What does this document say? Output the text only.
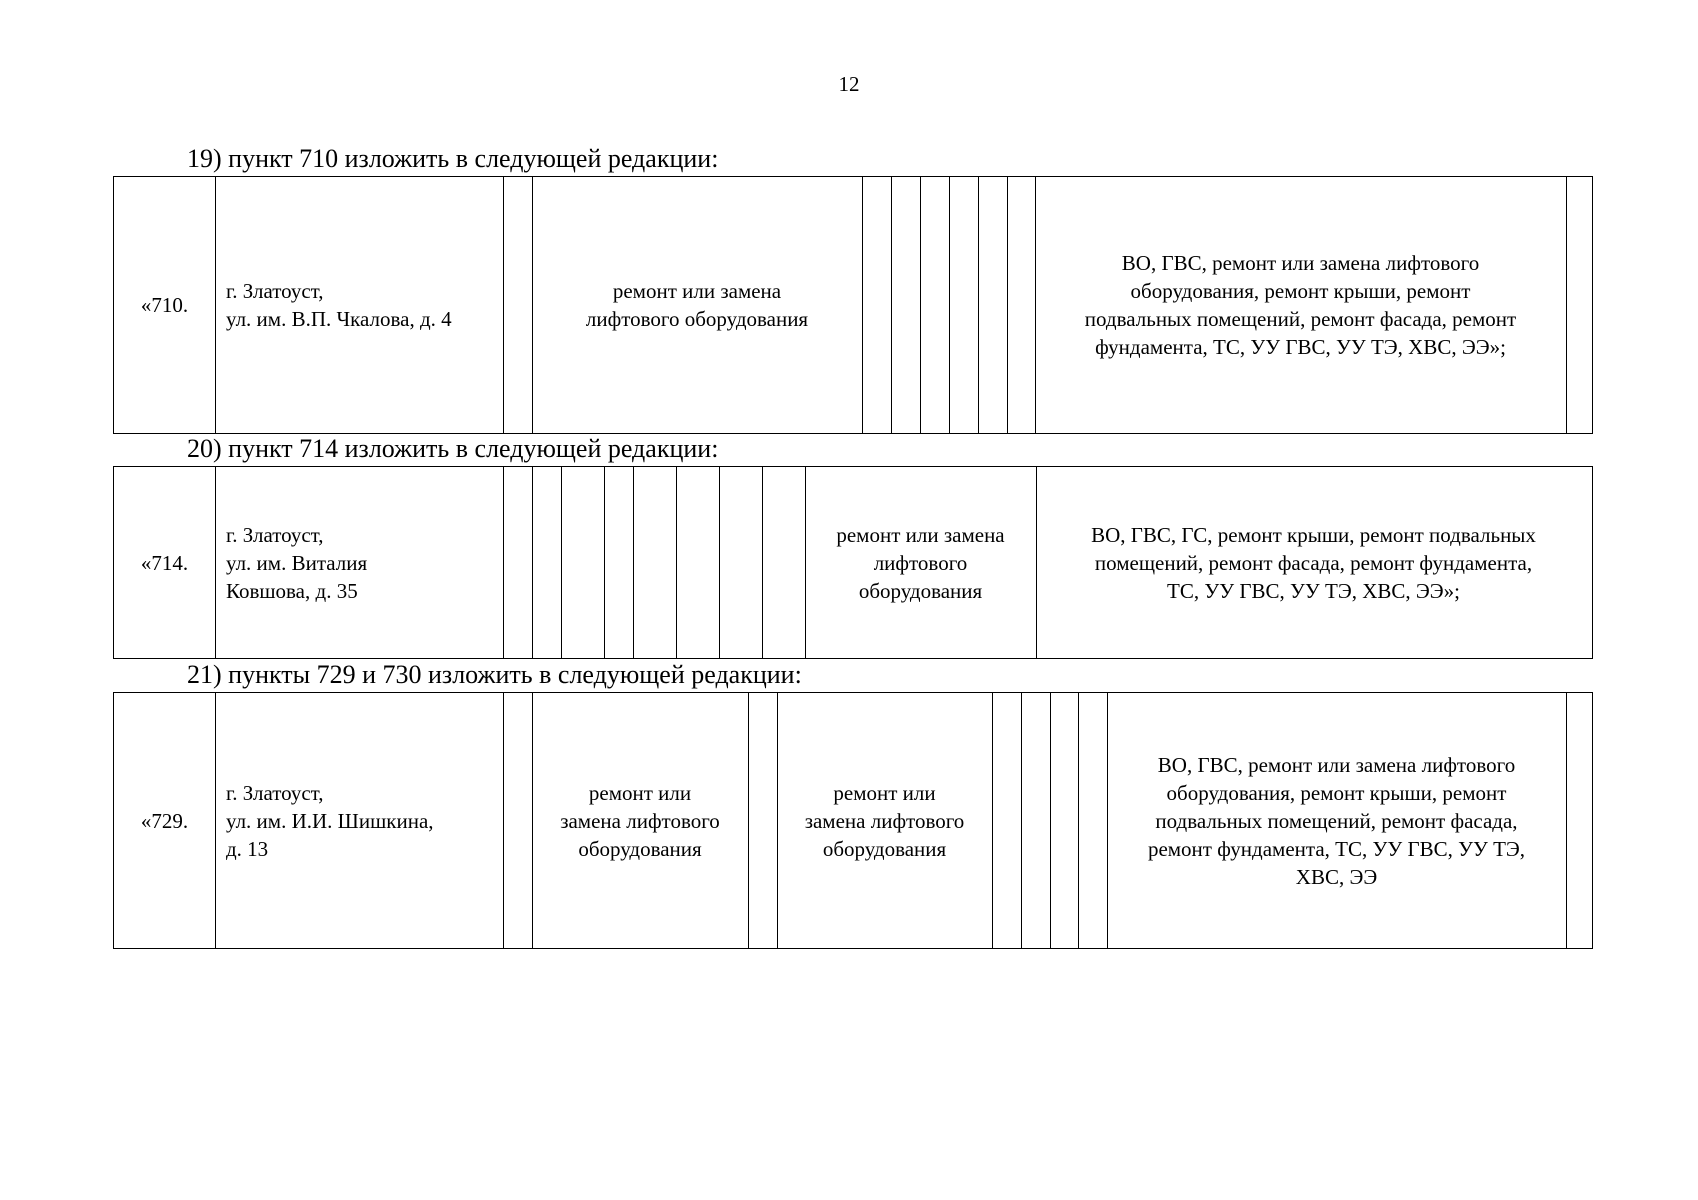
12
19) пункт 710 изложить в следующей редакции:
«710.
г. Златоуст,
ул. им. В.П. Чкалова, д. 4
ремонт или замена
лифтового оборудования
ВО, ГВС, ремонт или замена лифтового
оборудования, ремонт крыши, ремонт
подвальных помещений, ремонт фасада, ремонт
фундамента, ТС, УУ ГВС, УУ ТЭ, ХВС, ЭЭ»;
20) пункт 714 изложить в следующей редакции:
«714.
г. Златоуст,
ул. им. Виталия
Ковшова, д. 35
ремонт или замена
лифтового
оборудования
ВО, ГВС, ГС, ремонт крыши, ремонт подвальных
помещений, ремонт фасада, ремонт фундамента,
ТС, УУ ГВС, УУ ТЭ, ХВС, ЭЭ»;
21) пункты 729 и 730 изложить в следующей редакции:
«729.
г. Златоуст,
ул. им. И.И. Шишкина,
д. 13
ремонт или
замена лифтового
оборудования
ремонт или
замена лифтового
оборудования
ВО, ГВС, ремонт или замена лифтового
оборудования, ремонт крыши, ремонт
подвальных помещений, ремонт фасада,
ремонт фундамента, ТС, УУ ГВС, УУ ТЭ,
ХВС, ЭЭ
